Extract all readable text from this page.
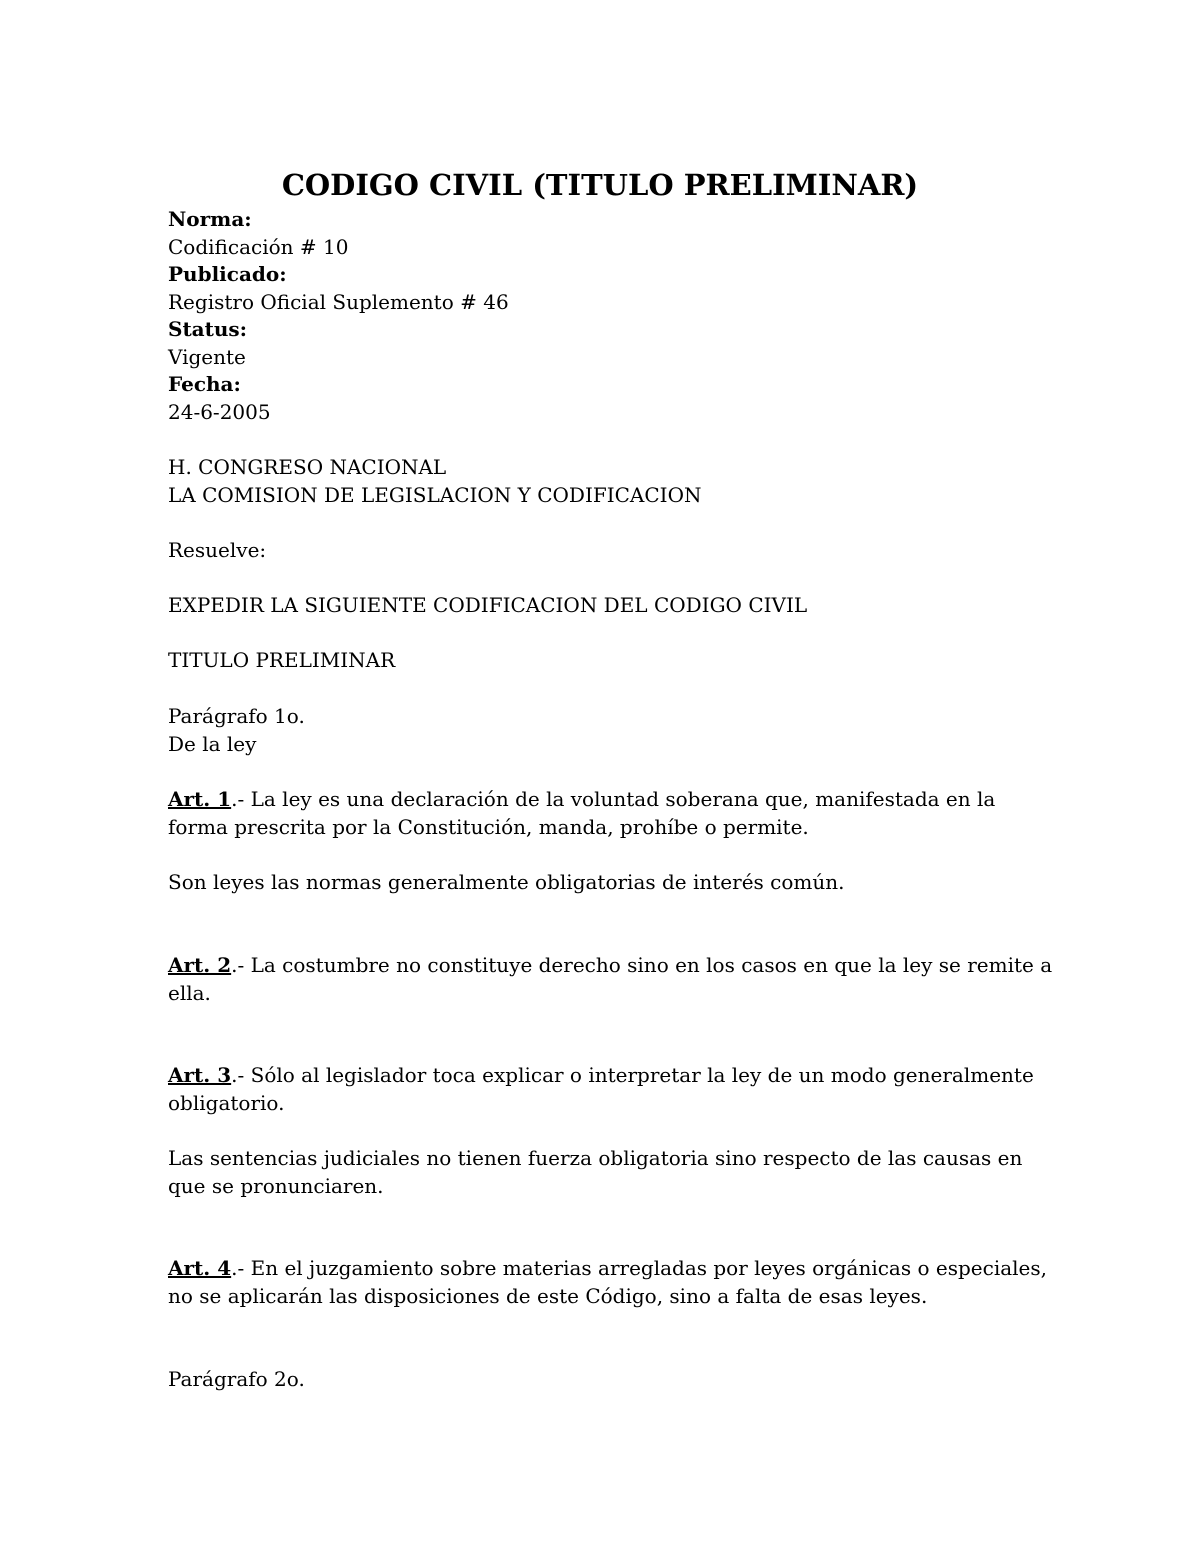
CODIGO CIVIL (TITULO PRELIMINAR)
Norma:
Codificación # 10
Publicado:
Registro Oficial Suplemento # 46
Status:
Vigente
Fecha:
24-6-2005
H. CONGRESO NACIONAL
LA COMISION DE LEGISLACION Y CODIFICACION
Resuelve:
EXPEDIR LA SIGUIENTE CODIFICACION DEL CODIGO CIVIL
TITULO PRELIMINAR
Parágrafo 1o.
De la ley
Art. 1.- La ley es una declaración de la voluntad soberana que, manifestada en la
forma prescrita por la Constitución, manda, prohíbe o permite.
Son leyes las normas generalmente obligatorias de interés común.
Art. 2.- La costumbre no constituye derecho sino en los casos en que la ley se remite a
ella.
Art. 3.- Sólo al legislador toca explicar o interpretar la ley de un modo generalmente
obligatorio.
Las sentencias judiciales no tienen fuerza obligatoria sino respecto de las causas en
que se pronunciaren.
Art. 4.- En el juzgamiento sobre materias arregladas por leyes orgánicas o especiales,
no se aplicarán las disposiciones de este Código, sino a falta de esas leyes.
Parágrafo 2o.
